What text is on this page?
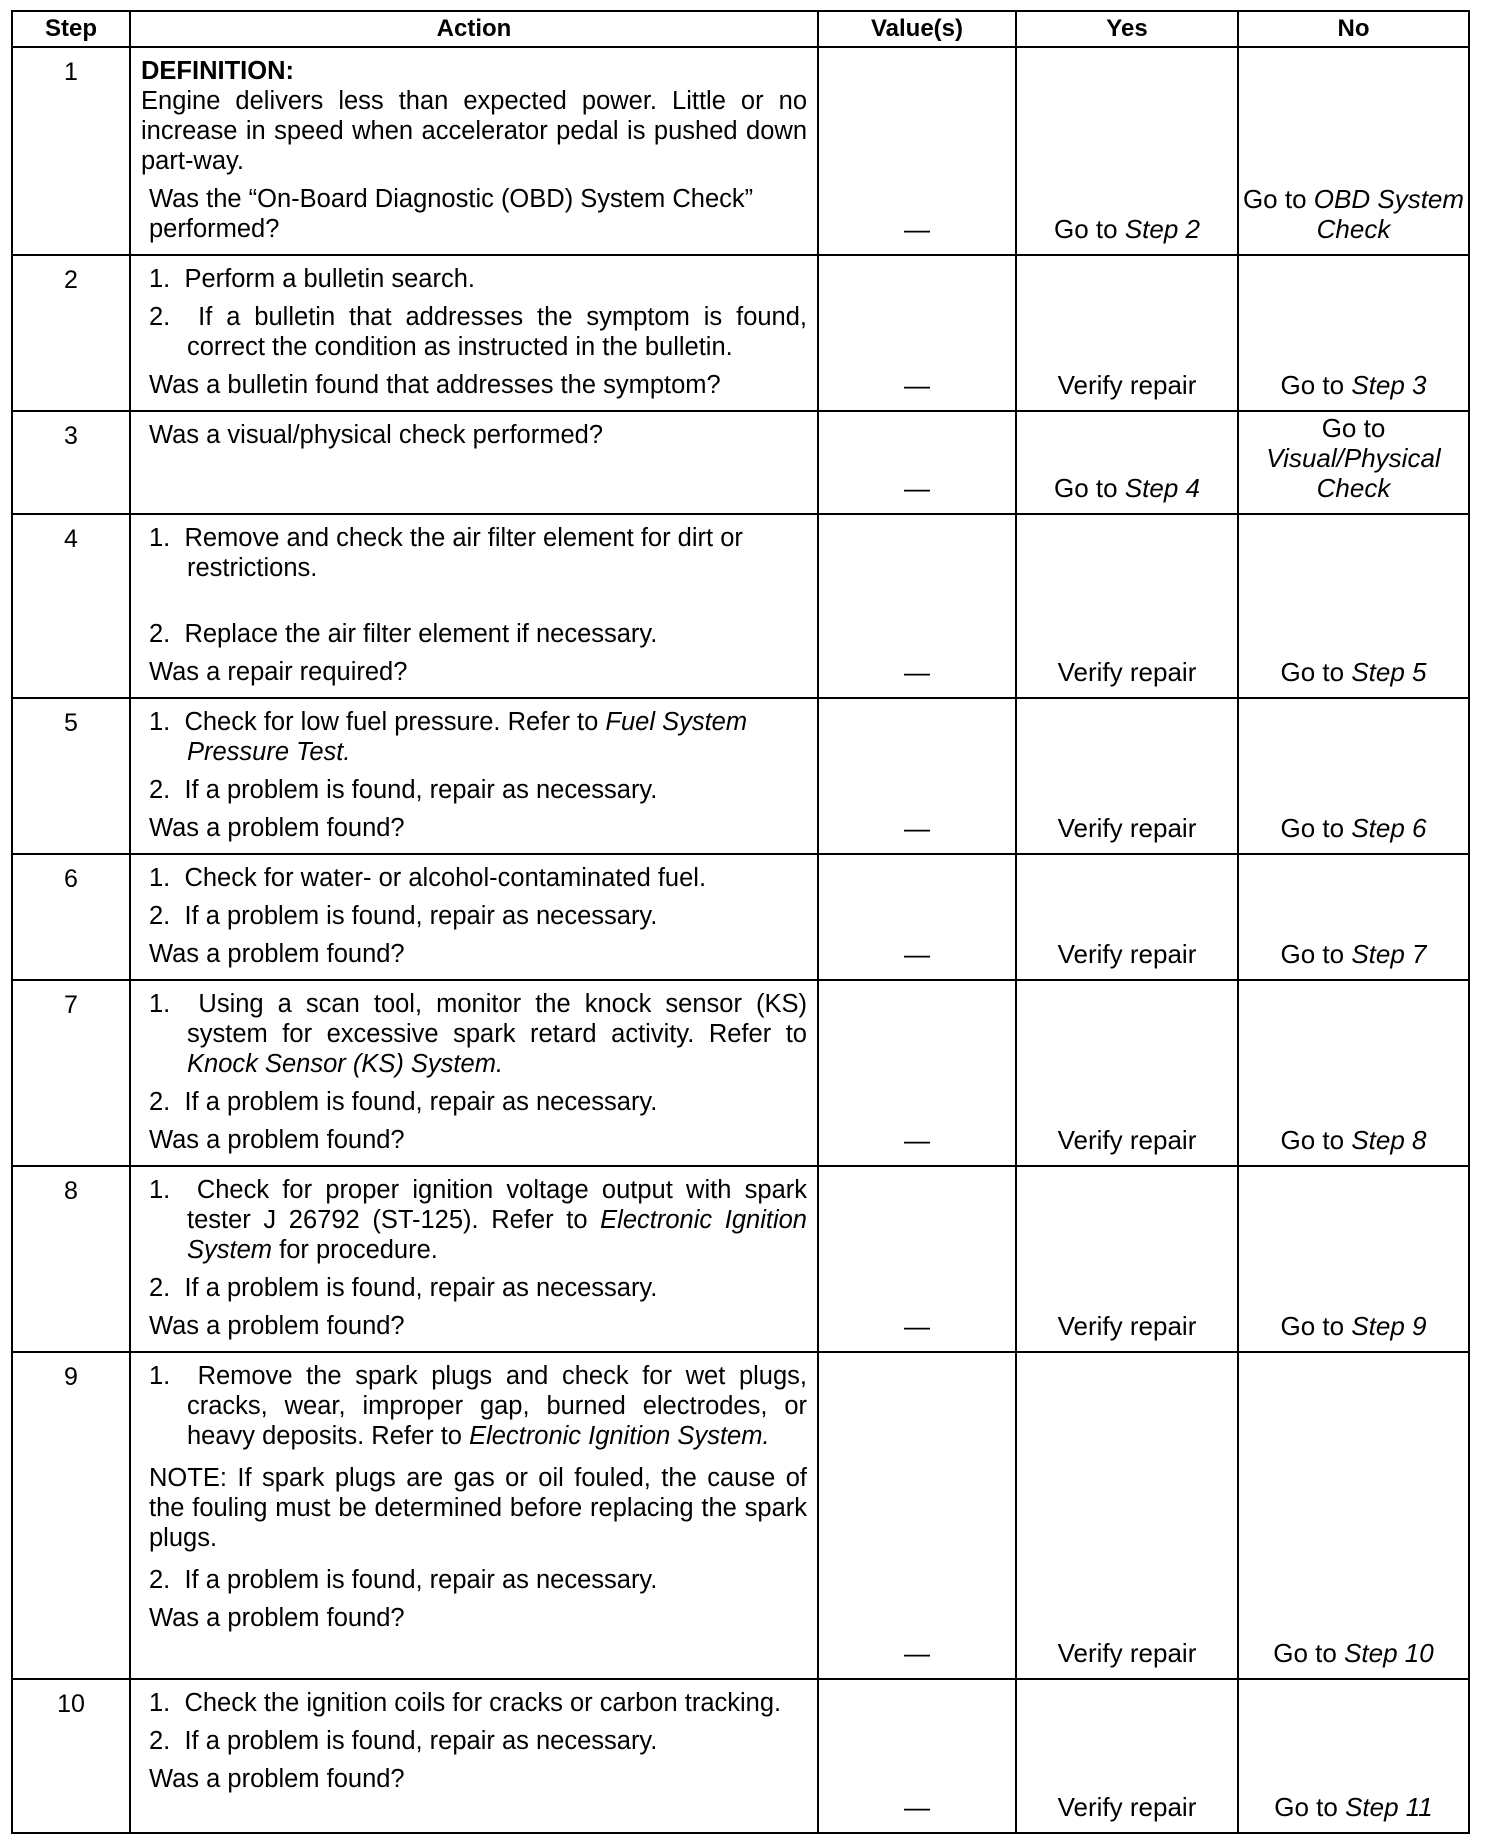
Step	Action	Value(s)	Yes	No
1	DEFINITION:

Engine delivers less than expected power. Little or no increase in speed when accelerator pedal is pushed down part-way.

Was the “On-Board Diagnostic (OBD) System Check” performed?	—	Go to Step 2	Go to OBD System Check
2	1. Perform a bulletin search.

2. If a bulletin that addresses the symptom is found, correct the condition as instructed in the bulletin.

Was a bulletin found that addresses the symptom?	—	Verify repair	Go to Step 3
3	Was a visual/physical check performed?	—	Go to Step 4	Go to
Visual/Physical Check

4	1. Remove and check the air filter element for dirt or restrictions.

2. Replace the air filter element if necessary.

Was a repair required?	—	Verify repair	Go to Step 5
5	1. Check for low fuel pressure. Refer to Fuel System Pressure Test.

2. If a problem is found, repair as necessary.

Was a problem found?	—	Verify repair	Go to Step 6
6	1. Check for water- or alcohol-contaminated fuel.

2. If a problem is found, repair as necessary.

Was a problem found?	—	Verify repair	Go to Step 7
7	1. Using a scan tool, monitor the knock sensor (KS) system for excessive spark retard activity. Refer to Knock Sensor (KS) System.

2. If a problem is found, repair as necessary.

Was a problem found?	—	Verify repair	Go to Step 8
8	1. Check for proper ignition voltage output with spark tester J 26792 (ST-125). Refer to Electronic Ignition System for procedure.

2. If a problem is found, repair as necessary.

Was a problem found?	—	Verify repair	Go to Step 9
9	1. Remove the spark plugs and check for wet plugs, cracks, wear, improper gap, burned electrodes, or heavy deposits. Refer to Electronic Ignition System.

NOTE: If spark plugs are gas or oil fouled, the cause of the fouling must be determined before replacing the spark plugs.

2. If a problem is found, repair as necessary.

Was a problem found?	—	Verify repair	Go to Step 10
10	1. Check the ignition coils for cracks or carbon tracking.

2. If a problem is found, repair as necessary.

Was a problem found?	—	Verify repair	Go to Step 11
